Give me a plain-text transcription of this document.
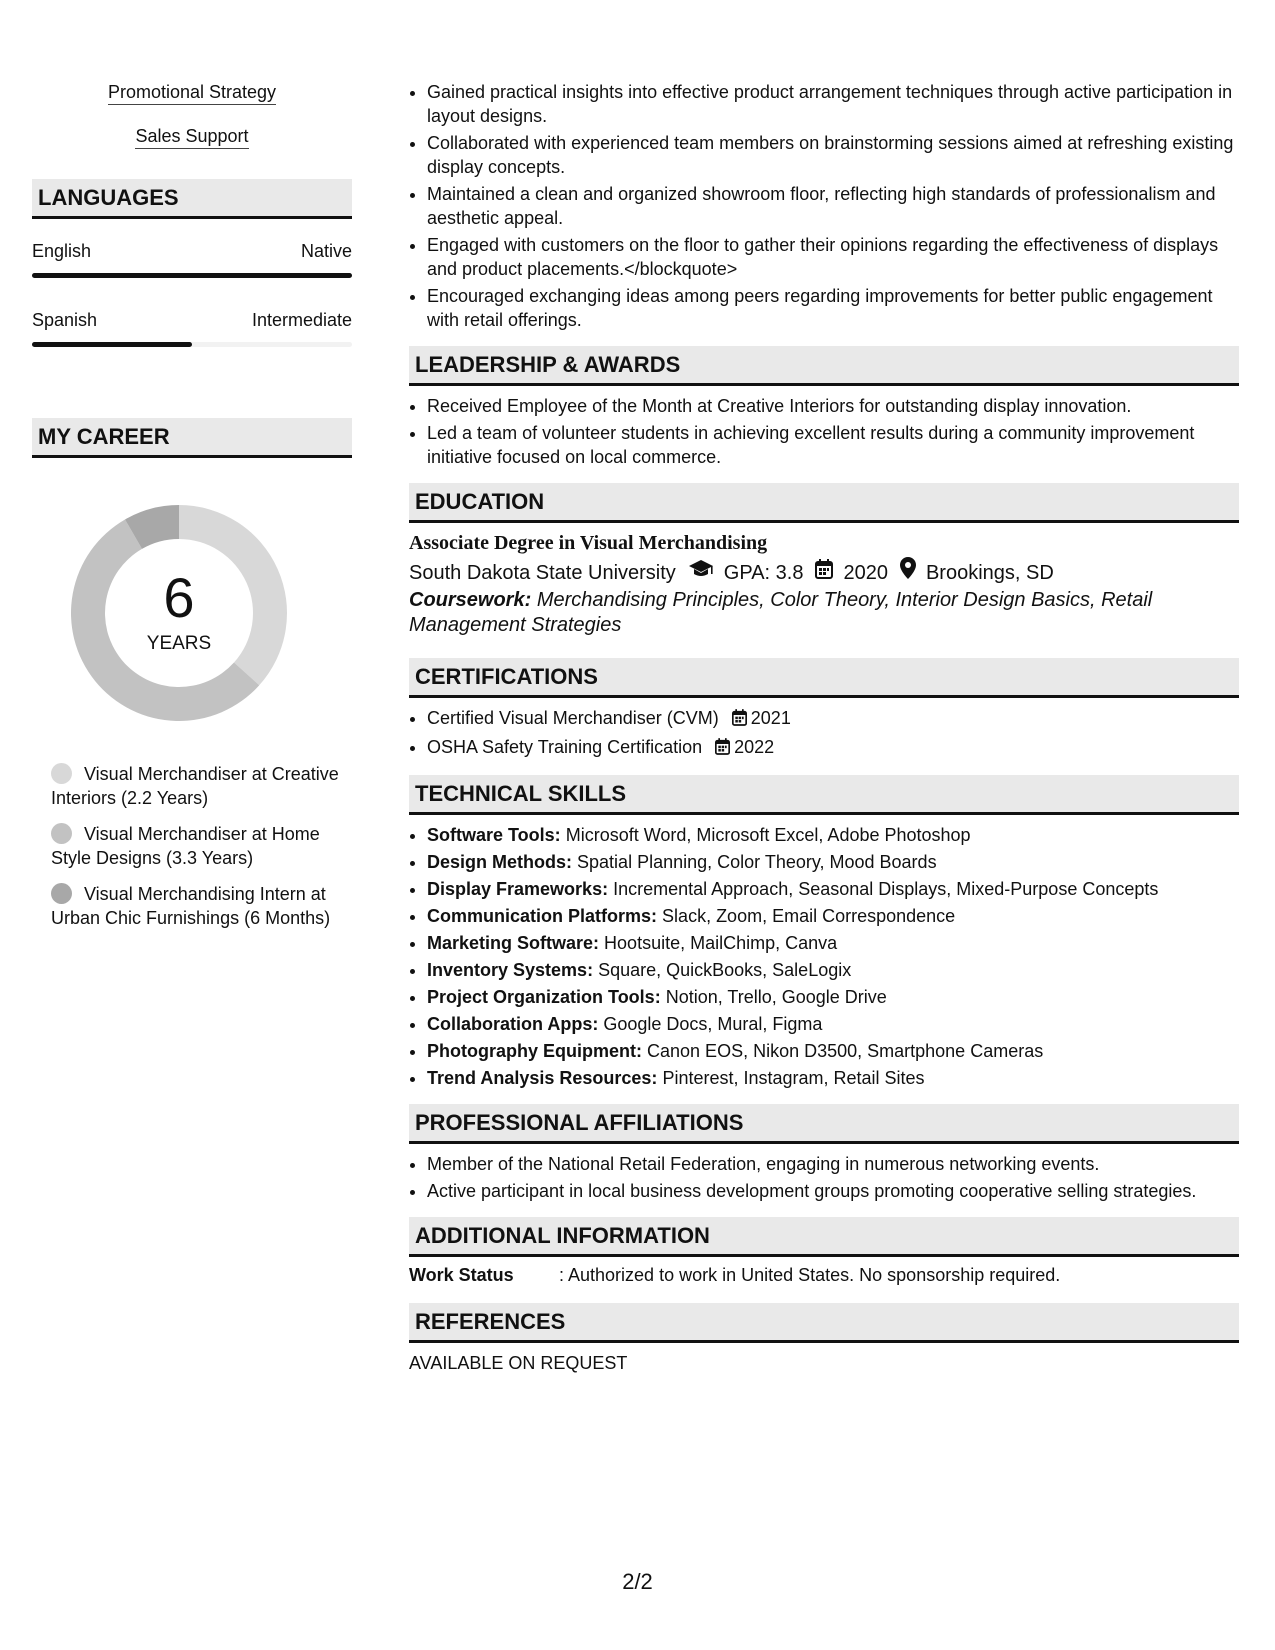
Promotional Strategy
Sales Support
LANGUAGES
English	Native
Spanish	Intermediate
MY CAREER
6
YEARS
Visual Merchandiser at Creative Interiors (2.2 Years)
Visual Merchandiser at Home Style Designs (3.3 Years)
Visual Merchandising Intern at Urban Chic Furnishings (6 Months)
• Gained practical insights into effective product arrangement techniques through active participation in layout designs.
• Collaborated with experienced team members on brainstorming sessions aimed at refreshing existing display concepts.
• Maintained a clean and organized showroom floor, reflecting high standards of professionalism and aesthetic appeal.
• Engaged with customers on the floor to gather their opinions regarding the effectiveness of displays and product placements.</blockquote>
• Encouraged exchanging ideas among peers regarding improvements for better public engagement with retail offerings.
LEADERSHIP & AWARDS
• Received Employee of the Month at Creative Interiors for outstanding display innovation.
• Led a team of volunteer students in achieving excellent results during a community improvement initiative focused on local commerce.
EDUCATION
Associate Degree in Visual Merchandising
South Dakota State University GPA: 3.8 2020 Brookings, SD
Coursework: Merchandising Principles, Color Theory, Interior Design Basics, Retail Management Strategies
CERTIFICATIONS
• Certified Visual Merchandiser (CVM) 2021
• OSHA Safety Training Certification 2022
TECHNICAL SKILLS
• Software Tools: Microsoft Word, Microsoft Excel, Adobe Photoshop
• Design Methods: Spatial Planning, Color Theory, Mood Boards
• Display Frameworks: Incremental Approach, Seasonal Displays, Mixed-Purpose Concepts
• Communication Platforms: Slack, Zoom, Email Correspondence
• Marketing Software: Hootsuite, MailChimp, Canva
• Inventory Systems: Square, QuickBooks, SaleLogix
• Project Organization Tools: Notion, Trello, Google Drive
• Collaboration Apps: Google Docs, Mural, Figma
• Photography Equipment: Canon EOS, Nikon D3500, Smartphone Cameras
• Trend Analysis Resources: Pinterest, Instagram, Retail Sites
PROFESSIONAL AFFILIATIONS
• Member of the National Retail Federation, engaging in numerous networking events.
• Active participant in local business development groups promoting cooperative selling strategies.
ADDITIONAL INFORMATION
Work Status	: Authorized to work in United States. No sponsorship required.
REFERENCES
AVAILABLE ON REQUEST
2/2
